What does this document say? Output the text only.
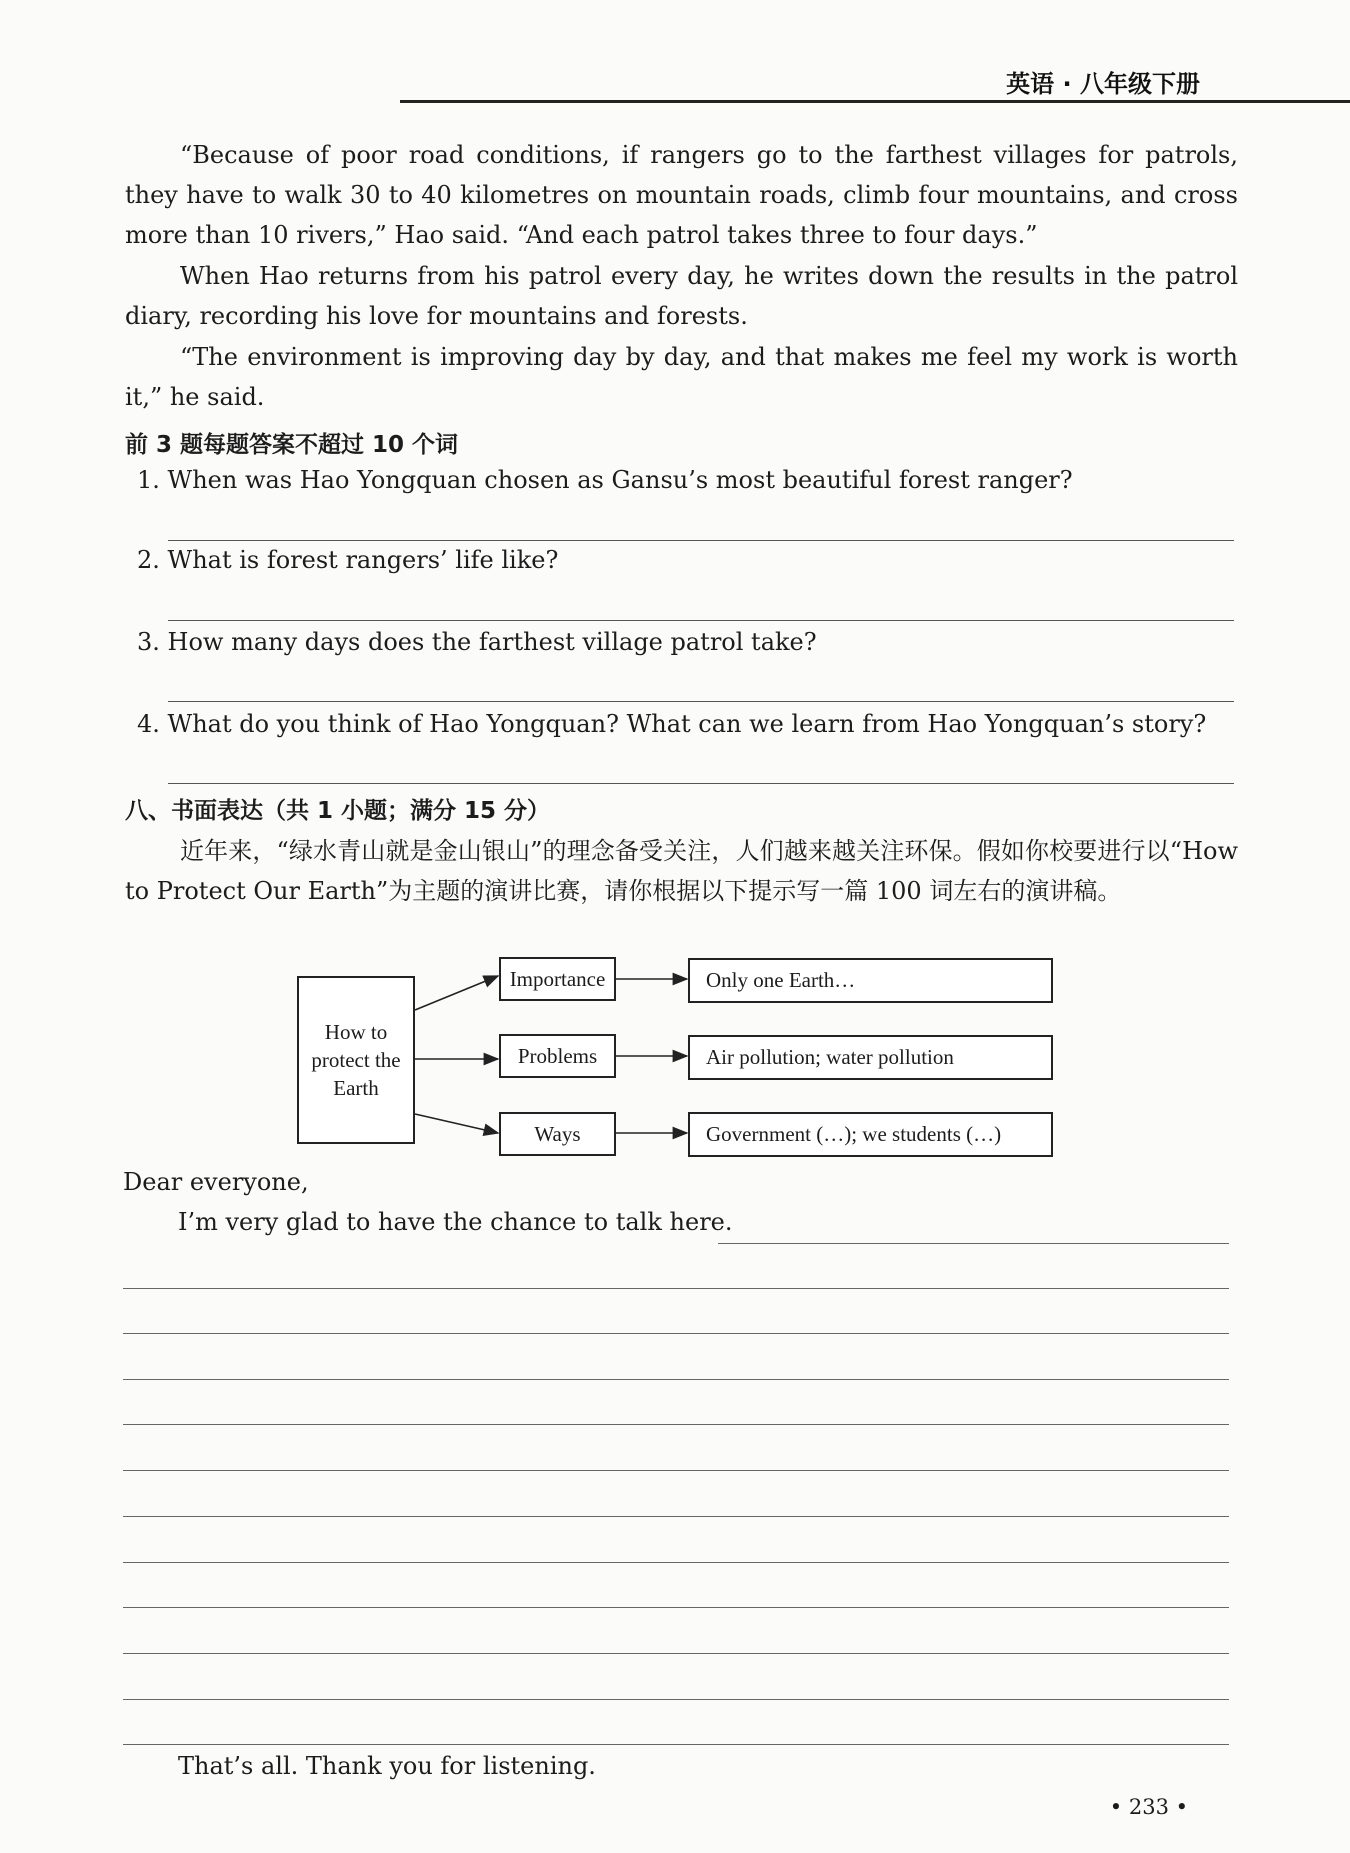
英语 · 八年级下册

“Because of poor road conditions, if rangers go to the farthest villages for patrols, they have to walk 30 to 40 kilometres on mountain roads, climb four mountains, and cross more than 10 rivers,” Hao said. “And each patrol takes three to four days.”

When Hao returns from his patrol every day, he writes down the results in the patrol diary, recording his love for mountains and forests.

“The environment is improving day by day, and that makes me feel my work is worth it,” he said.

前 3 题每题答案不超过 10 个词

1. When was Hao Yongquan chosen as Gansu’s most beautiful forest ranger?

2. What is forest rangers’ life like?

3. How many days does the farthest village patrol take?

4. What do you think of Hao Yongquan? What can we learn from Hao Yongquan’s story?

八、书面表达（共 1 小题；满分 15 分）

近年来，“绿水青山就是金山银山”的理念备受关注，人们越来越关注环保。假如你校要进行以“How to Protect Our Earth”为主题的演讲比赛，请你根据以下提示写一篇 100 词左右的演讲稿。

How to protect the Earth
Importance
Problems
Ways
Only one Earth…
Air pollution; water pollution
Government (…); we students (…)

Dear everyone,

I’m very glad to have the chance to talk here.

That’s all. Thank you for listening.

• 233 •
